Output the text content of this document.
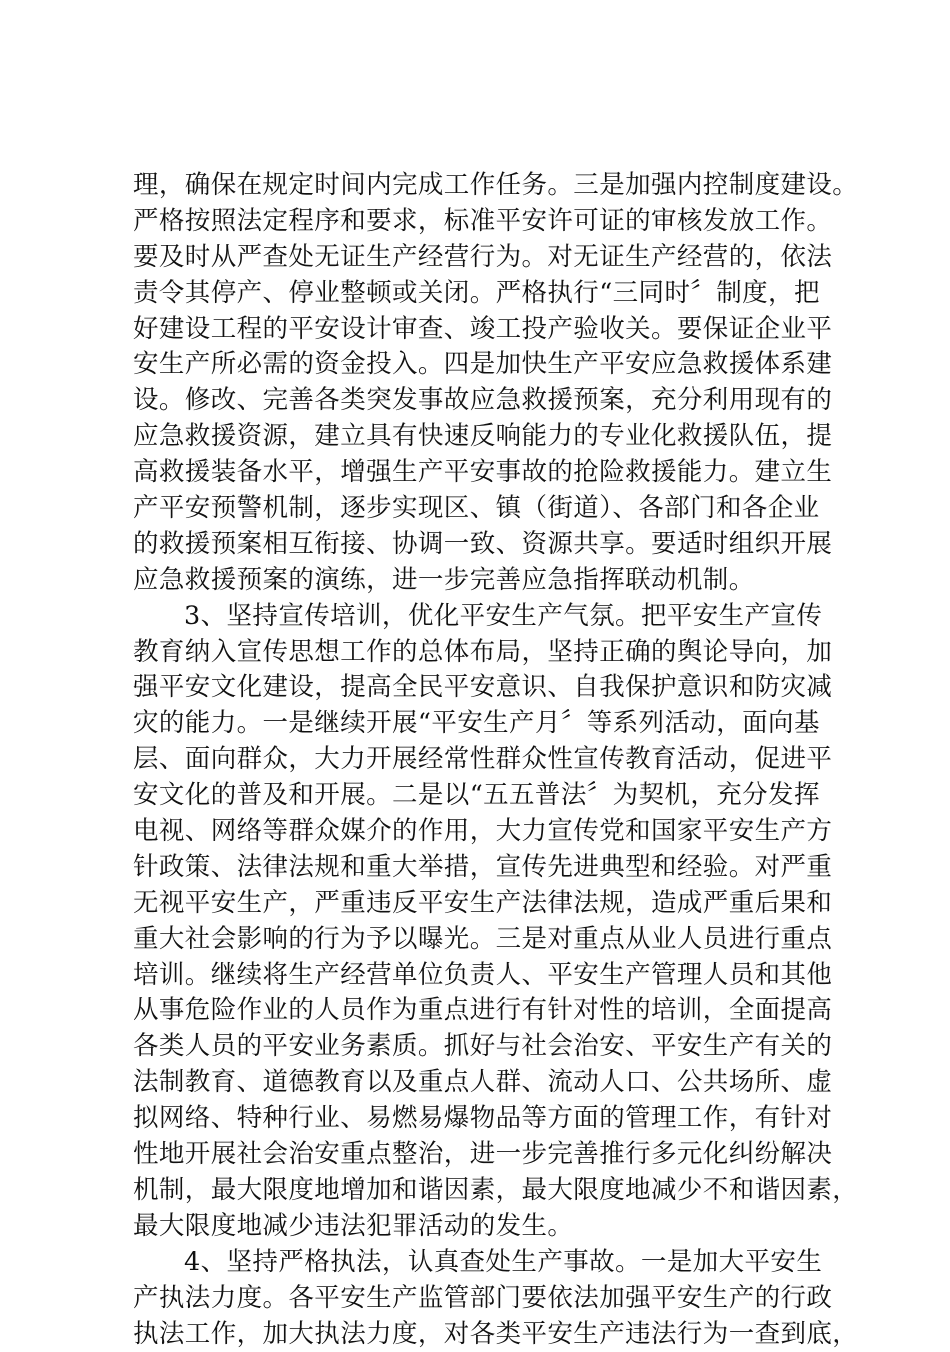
理，确保在规定时间内完成工作任务。三是加强内控制度建设。
严格按照法定程序和要求，标准平安许可证的审核发放工作。
要及时从严查处无证生产经营行为。对无证生产经营的，依法
责令其停产、停业整顿或关闭。严格执行“三同时〞制度，把
好建设工程的平安设计审查、竣工投产验收关。要保证企业平
安生产所必需的资金投入。四是加快生产平安应急救援体系建
设。修改、完善各类突发事故应急救援预案，充分利用现有的
应急救援资源，建立具有快速反响能力的专业化救援队伍，提
高救援装备水平，增强生产平安事故的抢险救援能力。建立生
产平安预警机制，逐步实现区、镇（街道）、各部门和各企业
的救援预案相互衔接、协调一致、资源共享。要适时组织开展
应急救援预案的演练，进一步完善应急指挥联动机制。
3、坚持宣传培训，优化平安生产气氛。把平安生产宣传
教育纳入宣传思想工作的总体布局，坚持正确的舆论导向，加
强平安文化建设，提高全民平安意识、自我保护意识和防灾减
灾的能力。一是继续开展“平安生产月〞等系列活动，面向基
层、面向群众，大力开展经常性群众性宣传教育活动，促进平
安文化的普及和开展。二是以“五五普法〞为契机，充分发挥
电视、网络等群众媒介的作用，大力宣传党和国家平安生产方
针政策、法律法规和重大举措，宣传先进典型和经验。对严重
无视平安生产，严重违反平安生产法律法规，造成严重后果和
重大社会影响的行为予以曝光。三是对重点从业人员进行重点
培训。继续将生产经营单位负责人、平安生产管理人员和其他
从事危险作业的人员作为重点进行有针对性的培训，全面提高
各类人员的平安业务素质。抓好与社会治安、平安生产有关的
法制教育、道德教育以及重点人群、流动人口、公共场所、虚
拟网络、特种行业、易燃易爆物品等方面的管理工作，有针对
性地开展社会治安重点整治，进一步完善推行多元化纠纷解决
机制，最大限度地增加和谐因素，最大限度地减少不和谐因素，
最大限度地减少违法犯罪活动的发生。
4、坚持严格执法，认真查处生产事故。一是加大平安生
产执法力度。各平安生产监管部门要依法加强平安生产的行政
执法工作，加大执法力度，对各类平安生产违法行为一查到底，
